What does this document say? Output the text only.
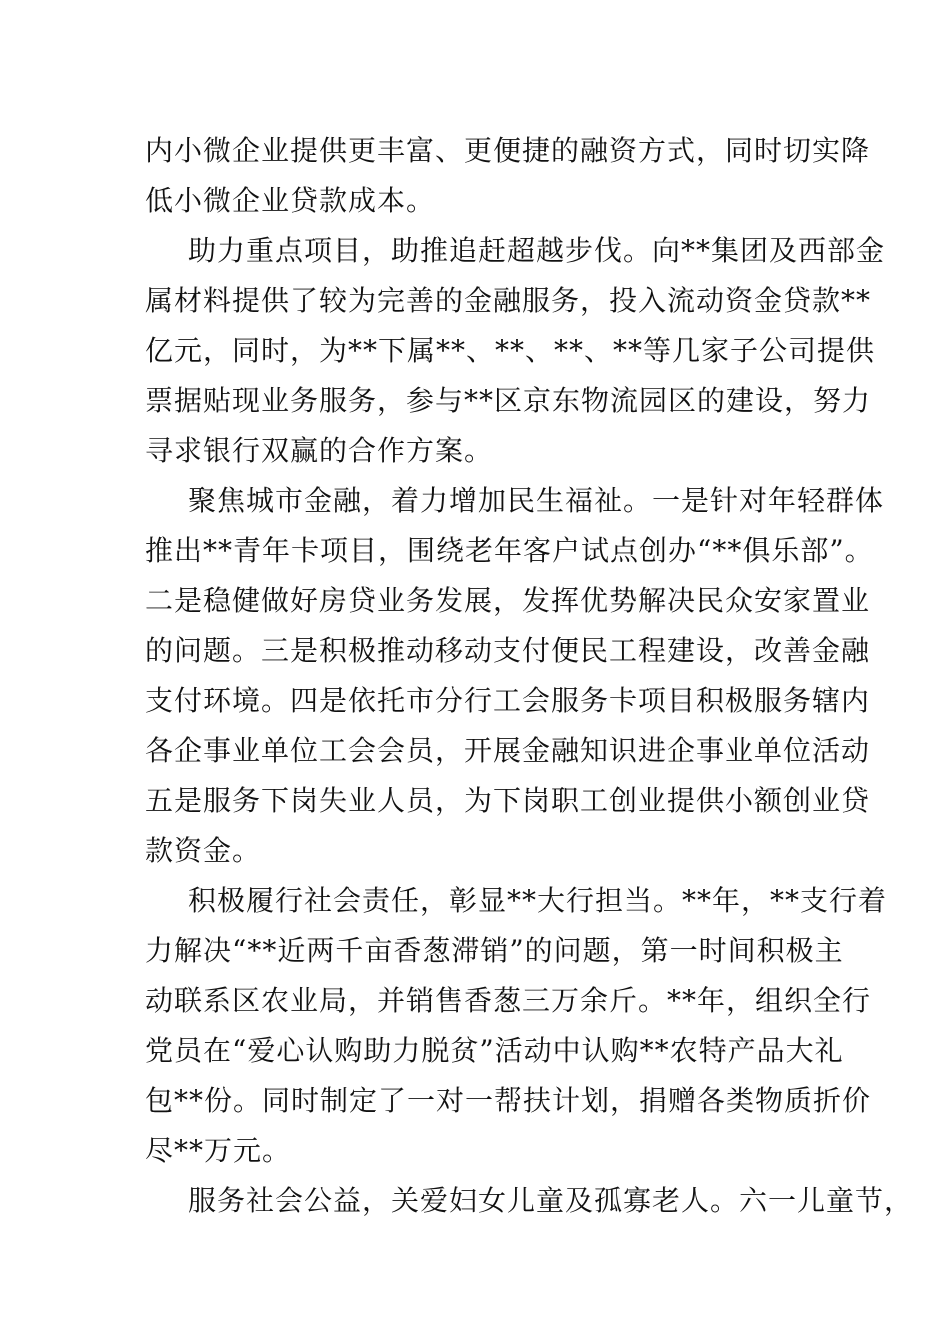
内小微企业提供更丰富、更便捷的融资方式，同时切实降
低小微企业贷款成本。
助力重点项目，助推追赶超越步伐。向**集团及西部金
属材料提供了较为完善的金融服务，投入流动资金贷款**
亿元，同时，为**下属**、**、**、**等几家子公司提供
票据贴现业务服务，参与**区京东物流园区的建设，努力
寻求银行双赢的合作方案。
聚焦城市金融，着力增加民生福祉。一是针对年轻群体
推出**青年卡项目，围绕老年客户试点创办“**俱乐部”。
二是稳健做好房贷业务发展，发挥优势解决民众安家置业
的问题。三是积极推动移动支付便民工程建设，改善金融
支付环境。四是依托市分行工会服务卡项目积极服务辖内
各企事业单位工会会员，开展金融知识进企事业单位活动
五是服务下岗失业人员，为下岗职工创业提供小额创业贷
款资金。
积极履行社会责任，彰显**大行担当。**年，**支行着
力解决“**近两千亩香葱滞销”的问题，第一时间积极主
动联系区农业局，并销售香葱三万余斤。**年，组织全行
党员在“爱心认购助力脱贫”活动中认购**农特产品大礼
包**份。同时制定了一对一帮扶计划，捐赠各类物质折价
尽**万元。
服务社会公益，关爱妇女儿童及孤寡老人。六一儿童节，
